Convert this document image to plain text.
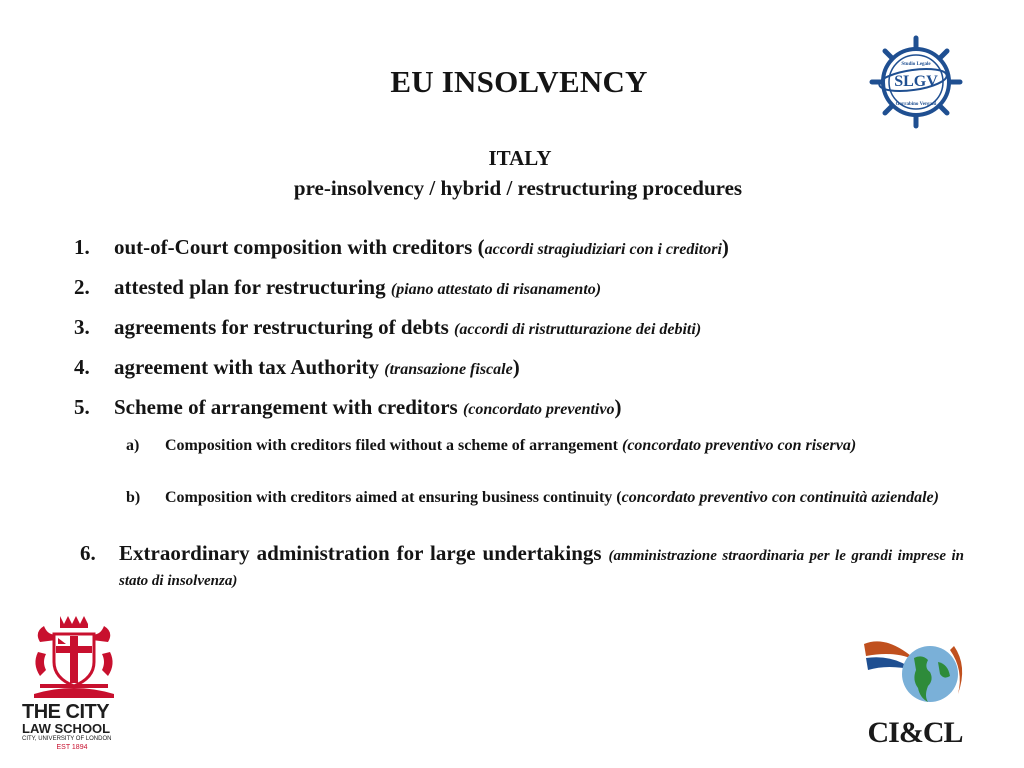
EU INSOLVENCY
ITALY
pre-insolvency / hybrid / restructuring procedures
1. out-of-Court composition with creditors (accordi stragiudiziari con i creditori)
2. attested plan for restructuring (piano attestato di risanamento)
3. agreements for restructuring of debts (accordi di ristrutturazione dei debiti)
4. agreement with tax Authority (transazione fiscale)
5. Scheme of arrangement with creditors (concordato preventivo)
a) Composition with creditors filed without a scheme of arrangement (concordato preventivo con riserva)
b) Composition with creditors aimed at ensuring business continuity (concordato preventivo con continuità aziendale)
6. Extraordinary administration for large undertakings (amministrazione straordinaria per le grandi imprese in stato di insolvenza)
SLGV
Studio Legale
Garrabino Vergani
THE CITY
LAW SCHOOL
CITY, UNIVERSITY OF LONDON
EST 1894	CI&CL
